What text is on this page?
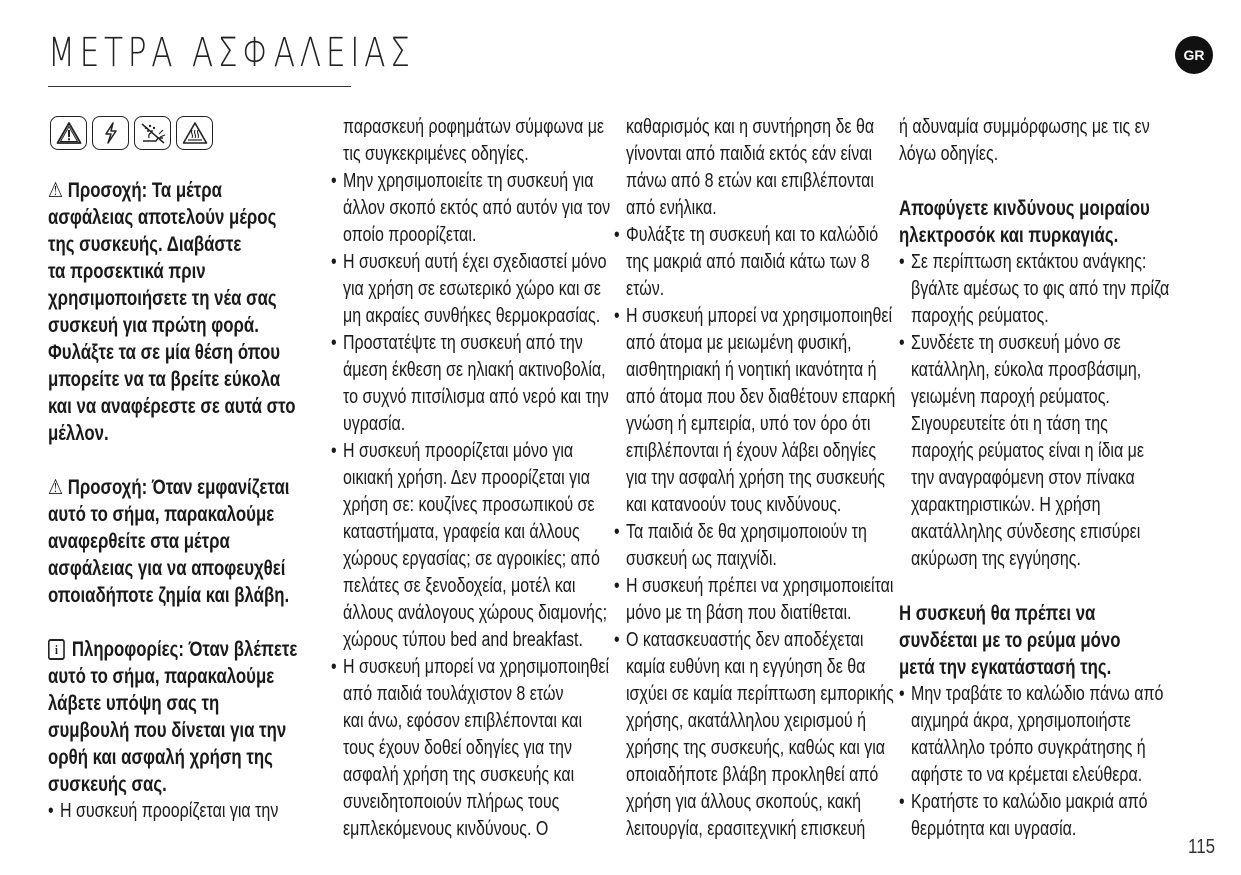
ΜΕΤΡΑ ΑΣΦΑΛΕΙΑΣ	GR
115
⚠ Προσοχή: Τα μέτρα
ασφάλειας αποτελούν μέρος
της συσκευής. Διαβάστε
τα προσεκτικά πριν
χρησιμοποιήσετε τη νέα σας
συσκευή για πρώτη φορά.
Φυλάξτε τα σε μία θέση όπου
μπορείτε να τα βρείτε εύκολα
και να αναφέρεστε σε αυτά στο
μέλλον.
⚠ Προσοχή: Όταν εμφανίζεται
αυτό το σήμα, παρακαλούμε
αναφερθείτε στα μέτρα
ασφάλειας για να αποφευχθεί
οποιαδήποτε ζημία και βλάβη.
i Πληροφορίες: Όταν βλέπετε
αυτό το σήμα, παρακαλούμε
λάβετε υπόψη σας τη
συμβουλή που δίνεται για την
ορθή και ασφαλή χρήση της
συσκευής σας.
• Η συσκευή προορίζεται για την
παρασκευή ροφημάτων σύμφωνα με
τις συγκεκριμένες οδηγίες.
• Μην χρησιμοποιείτε τη συσκευή για
άλλον σκοπό εκτός από αυτόν για τον
οποίο προορίζεται.
• Η συσκευή αυτή έχει σχεδιαστεί μόνο
για χρήση σε εσωτερικό χώρο και σε
μη ακραίες συνθήκες θερμοκρασίας.
• Προστατέψτε τη συσκευή από την
άμεση έκθεση σε ηλιακή ακτινοβολία,
το συχνό πιτσίλισμα από νερό και την
υγρασία.
• Η συσκευή προορίζεται μόνο για
οικιακή χρήση. Δεν προορίζεται για
χρήση σε: κουζίνες προσωπικού σε
καταστήματα, γραφεία και άλλους
χώρους εργασίας; σε αγροικίες; από
πελάτες σε ξενοδοχεία, μοτέλ και
άλλους ανάλογους χώρους διαμονής;
χώρους τύπου bed and breakfast.
• Η συσκευή μπορεί να χρησιμοποιηθεί
από παιδιά τουλάχιστον 8 ετών
και άνω, εφόσον επιβλέπονται και
τους έχουν δοθεί οδηγίες για την
ασφαλή χρήση της συσκευής και
συνειδητοποιούν πλήρως τους
εμπλεκόμενους κινδύνους. Ο
καθαρισμός και η συντήρηση δε θα
γίνονται από παιδιά εκτός εάν είναι
πάνω από 8 ετών και επιβλέπονται
από ενήλικα.
• Φυλάξτε τη συσκευή και το καλώδιό
της μακριά από παιδιά κάτω των 8
ετών.
• Η συσκευή μπορεί να χρησιμοποιηθεί
από άτομα με μειωμένη φυσική,
αισθητηριακή ή νοητική ικανότητα ή
από άτομα που δεν διαθέτουν επαρκή
γνώση ή εμπειρία, υπό τον όρο ότι
επιβλέπονται ή έχουν λάβει οδηγίες
για την ασφαλή χρήση της συσκευής
και κατανοούν τους κινδύνους.
• Τα παιδιά δε θα χρησιμοποιούν τη
συσκευή ως παιχνίδι.
• Η συσκευή πρέπει να χρησιμοποιείται
μόνο με τη βάση που διατίθεται.
• Ο κατασκευαστής δεν αποδέχεται
καμία ευθύνη και η εγγύηση δε θα
ισχύει σε καμία περίπτωση εμπορικής
χρήσης, ακατάλληλου χειρισμού ή
χρήσης της συσκευής, καθώς και για
οποιαδήποτε βλάβη προκληθεί από
χρήση για άλλους σκοπούς, κακή
λειτουργία, ερασιτεχνική επισκευή
ή αδυναμία συμμόρφωσης με τις εν
λόγω οδηγίες.
Αποφύγετε κινδύνους μοιραίου
ηλεκτροσόκ και πυρκαγιάς.
• Σε περίπτωση εκτάκτου ανάγκης:
βγάλτε αμέσως το φις από την πρίζα
παροχής ρεύματος.
• Συνδέετε τη συσκευή μόνο σε
κατάλληλη, εύκολα προσβάσιμη,
γειωμένη παροχή ρεύματος.
Σιγουρευτείτε ότι η τάση της
παροχής ρεύματος είναι η ίδια με
την αναγραφόμενη στον πίνακα
χαρακτηριστικών. Η χρήση
ακατάλληλης σύνδεσης επισύρει
ακύρωση της εγγύησης.
Η συσκευή θα πρέπει να
συνδέεται με το ρεύμα μόνο
μετά την εγκατάστασή της.
• Μην τραβάτε το καλώδιο πάνω από
αιχμηρά άκρα, χρησιμοποιήστε
κατάλληλο τρόπο συγκράτησης ή
αφήστε το να κρέμεται ελεύθερα.
• Κρατήστε το καλώδιο μακριά από
θερμότητα και υγρασία.
